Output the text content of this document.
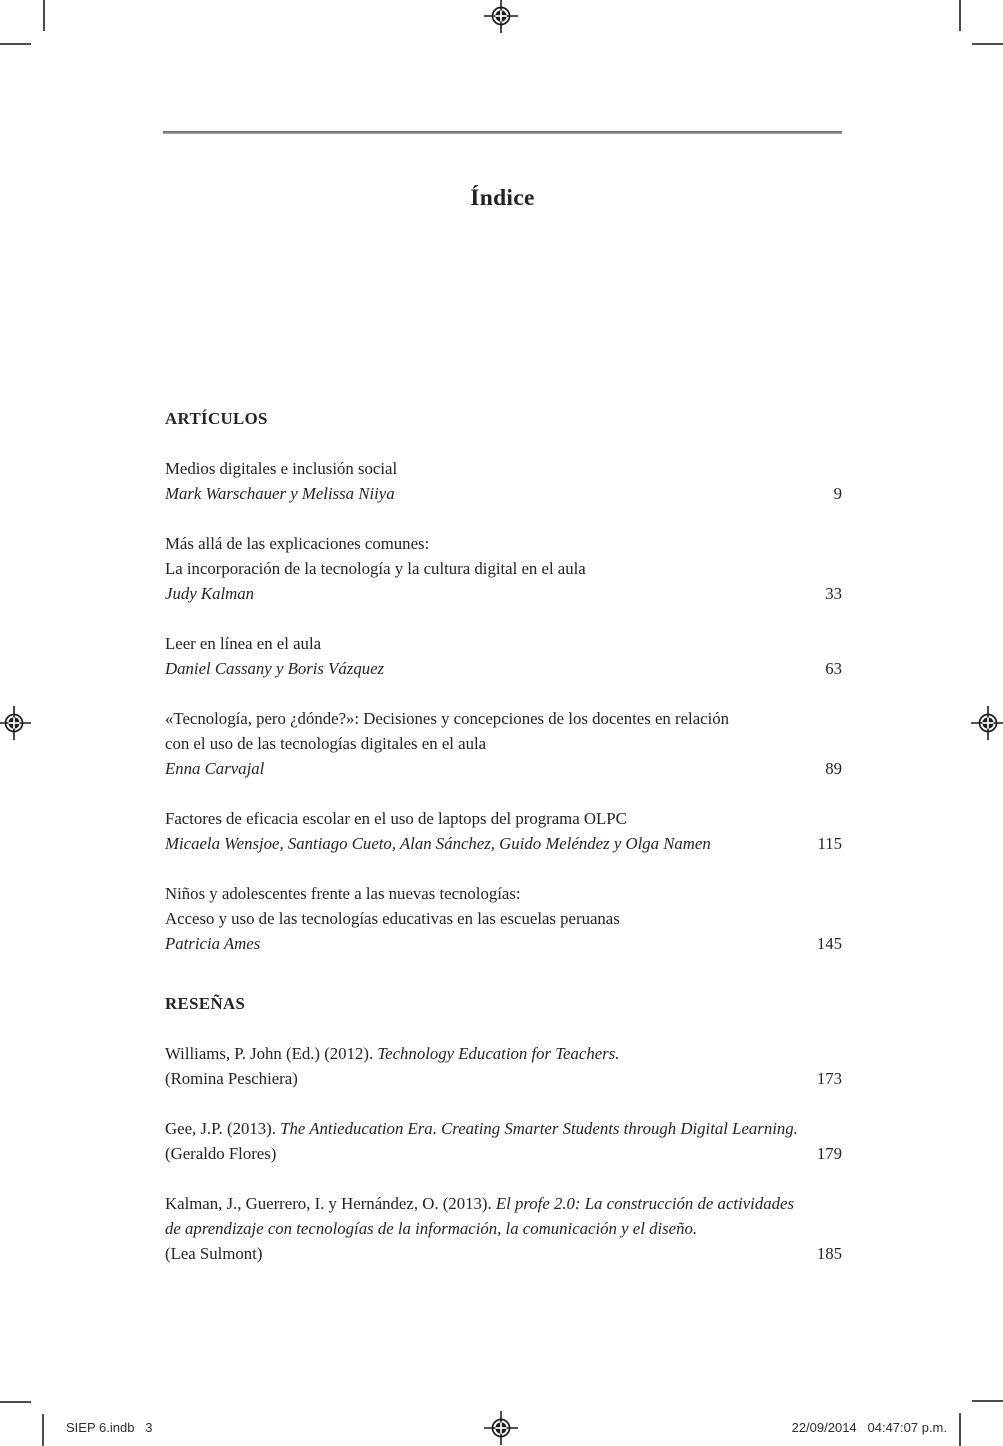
Índice
ARTÍCULOS
Medios digitales e inclusión social
Mark Warschauer y Melissa Niiya	9
Más allá de las explicaciones comunes:
La incorporación de la tecnología y la cultura digital en el aula
Judy Kalman	33
Leer en línea en el aula
Daniel Cassany y Boris Vázquez	63
«Tecnología, pero ¿dónde?»: Decisiones y concepciones de los docentes en relación
con el uso de las tecnologías digitales en el aula
Enna Carvajal	89
Factores de eficacia escolar en el uso de laptops del programa OLPC
Micaela Wensjoe, Santiago Cueto, Alan Sánchez, Guido Meléndez y Olga Namen	115
Niños y adolescentes frente a las nuevas tecnologías:
Acceso y uso de las tecnologías educativas en las escuelas peruanas
Patricia Ames	145
RESEÑAS
Williams, P. John (Ed.) (2012). Technology Education for Teachers.
(Romina Peschiera)	173
Gee, J.P. (2013). The Antieducation Era. Creating Smarter Students through Digital Learning.
(Geraldo Flores)	179
Kalman, J., Guerrero, I. y Hernández, O. (2013). El profe 2.0: La construcción de actividades
de aprendizaje con tecnologías de la información, la comunicación y el diseño.
(Lea Sulmont)	185
SIEP 6.indb   3	22/09/2014   04:47:07 p.m.
